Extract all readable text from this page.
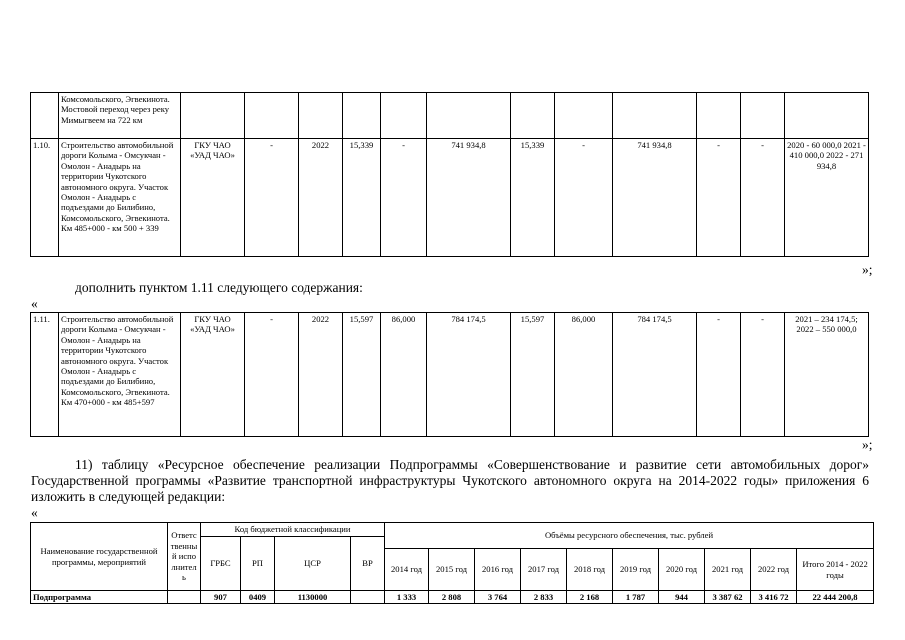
	Комсомольского, Эгвекинота. Мостовой переход через реку Мимыгвеем на 722 км												
1.10.	Строительство автомобильной дороги Колыма - Омсукчан - Омолон - Анадырь на территории Чукотского автономного округа. Участок Омолон - Анадырь с подъездами до Билибино, Комсомольского, Эгвекинота. Км 485+000 - км 500 + 339	ГКУ ЧАО «УАД ЧАО»	-	2022	15,339	-	741 934,8	15,339	-	741 934,8	-	-	2020 - 60 000,0 2021 - 410 000,0 2022 - 271 934,8
»;
дополнить пунктом 1.11 следующего содержания:
«
1.11.	Строительство автомобильной дороги Колыма - Омсукчан - Омолон - Анадырь на территории Чукотского автономного округа. Участок Омолон - Анадырь с подъездами до Билибино, Комсомольского, Эгвекинота. Км 470+000 - км 485+597	ГКУ ЧАО «УАД ЧАО»	-	2022	15,597	86,000	784 174,5	15,597	86,000	784 174,5	-	-	2021 – 234 174,5; 2022 – 550 000,0
»;
11) таблицу «Ресурсное обеспечение реализации Подпрограммы «Совершенствование и развитие сети автомобильных дорог» Государственной программы «Развитие транспортной инфраструктуры Чукотского автономного округа на 2014-2022 годы» приложения 6 изложить в следующей редакции:
«
Наименование государственной программы, мероприятий	Ответственный исполнитель	Код бюджетной классификации				Объёмы ресурсного обеспечения, тыс. рублей									
		ГРБС	РП	ЦСР	ВР										
						2014 год	2015 год	2016 год	2017 год	2018 год	2019 год	2020 год	2021 год	2022 год	Итого 2014 - 2022 годы
Подпрограмма		907	0409	1130000		1 333	2 808	3 764	2 833	2 168	1 787	944	3 387 62	3 416 72	22 444 200,8
